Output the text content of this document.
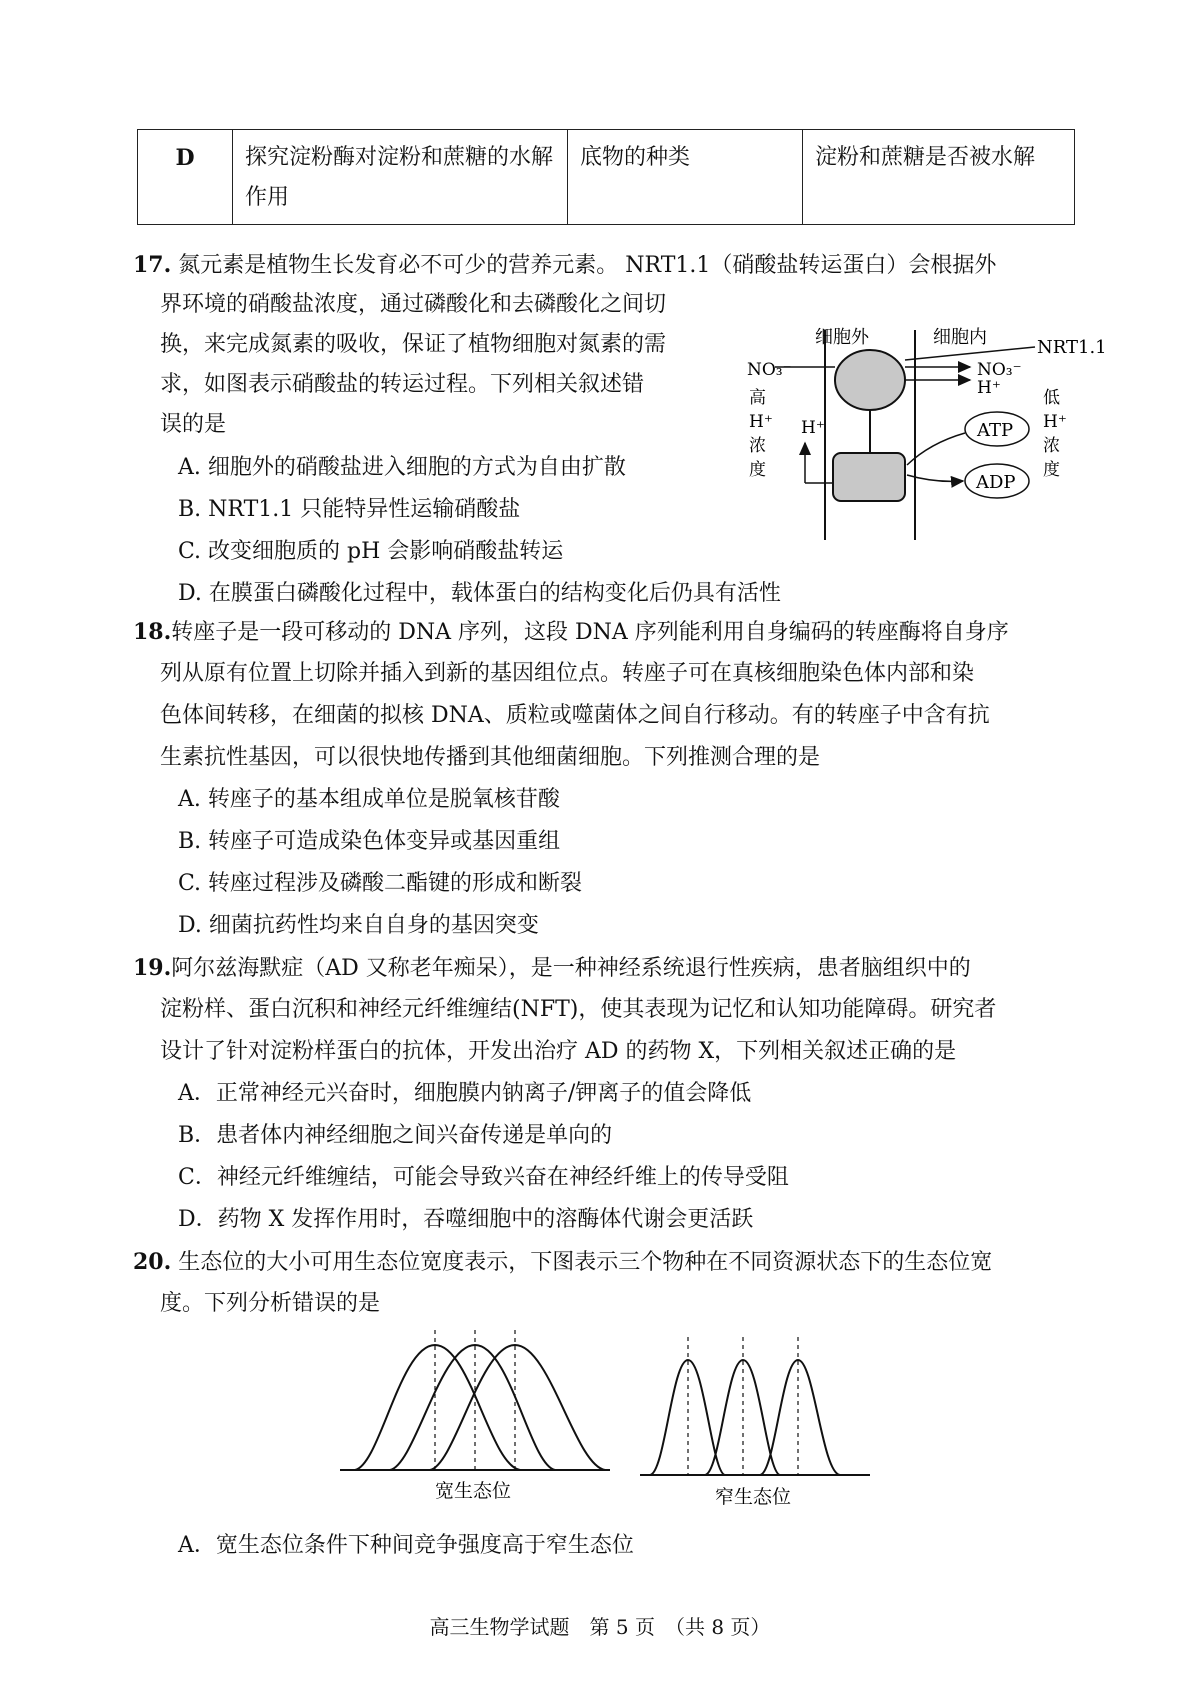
D	探究淀粉酶对淀粉和蔗糖的水解作用	底物的种类	淀粉和蔗糖是否被水解
17. 氮元素是植物生长发育必不可少的营养元素。 NRT1.1（硝酸盐转运蛋白）会根据外
界环境的硝酸盐浓度，通过磷酸化和去磷酸化之间切
换，来完成氮素的吸收，保证了植物细胞对氮素的需
求，如图表示硝酸盐的转运过程。下列相关叙述错
误的是
A. 细胞外的硝酸盐进入细胞的方式为自由扩散
B. NRT1.1 只能特异性运输硝酸盐
C. 改变细胞质的 pH 会影响硝酸盐转运
D. 在膜蛋白磷酸化过程中，载体蛋白的结构变化后仍具有活性
细胞外	细胞内	NRT1.1
NO₃⁻	NO₃⁻
H⁺
高
H⁺
浓
度
低
H⁺
浓
度
H⁺	ATP
ADP
18.转座子是一段可移动的 DNA 序列，这段 DNA 序列能利用自身编码的转座酶将自身序
列从原有位置上切除并插入到新的基因组位点。转座子可在真核细胞染色体内部和染
色体间转移，在细菌的拟核 DNA、质粒或噬菌体之间自行移动。有的转座子中含有抗
生素抗性基因，可以很快地传播到其他细菌细胞。下列推测合理的是
A. 转座子的基本组成单位是脱氧核苷酸
B. 转座子可造成染色体变异或基因重组
C. 转座过程涉及磷酸二酯键的形成和断裂
D. 细菌抗药性均来自自身的基因突变
19.阿尔兹海默症（AD 又称老年痴呆），是一种神经系统退行性疾病，患者脑组织中的
淀粉样、蛋白沉积和神经元纤维缠结(NFT)，使其表现为记忆和认知功能障碍。研究者
设计了针对淀粉样蛋白的抗体，开发出治疗 AD 的药物 X，下列相关叙述正确的是
A．正常神经元兴奋时，细胞膜内钠离子/钾离子的值会降低
B．患者体内神经细胞之间兴奋传递是单向的
C．神经元纤维缠结，可能会导致兴奋在神经纤维上的传导受阻
D．药物 X 发挥作用时，吞噬细胞中的溶酶体代谢会更活跃
20. 生态位的大小可用生态位宽度表示，下图表示三个物种在不同资源状态下的生态位宽
度。下列分析错误的是
宽生态位	窄生态位
A．宽生态位条件下种间竞争强度高于窄生态位
高三生物学试题　第 5 页　（共 8 页）
